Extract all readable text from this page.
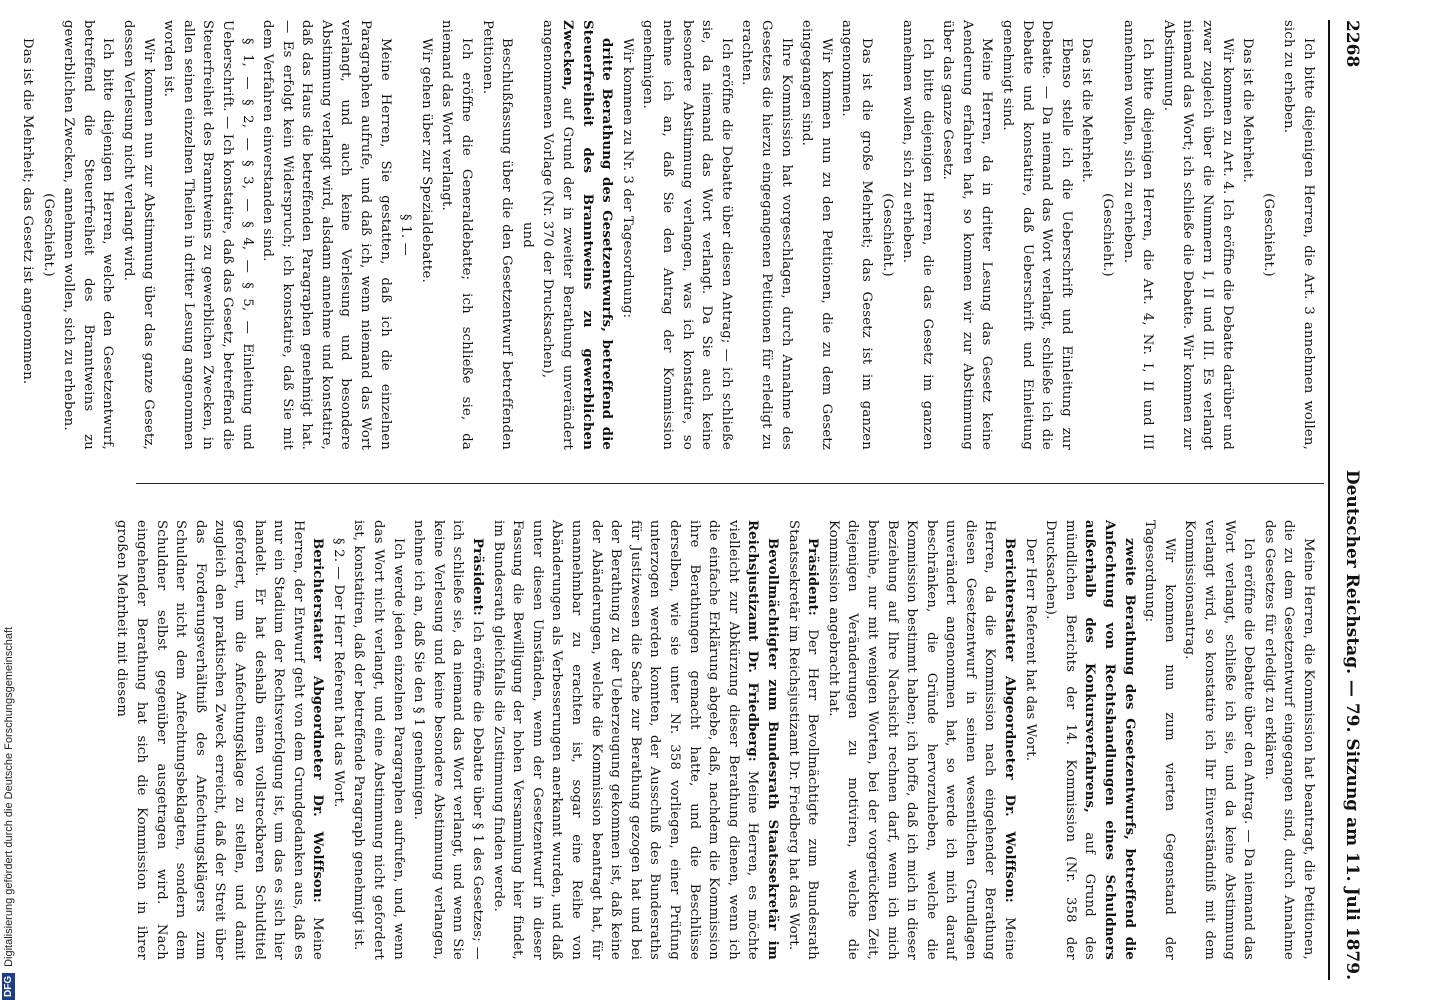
DFG
Digitalisierung gefördert durch die Deutsche Forschungsgemeinschaft
2268
Deutscher Reichstag. — 79. Sitzung am 11. Juli 1879.

Ich bitte diejenigen Herren, die Art. 3 annehmen wollen, sich zu erheben.

(Geschieht.)

Das ist die Mehrheit.

Wir kommen zu Art. 4. Ich eröffne die Debatte darüber und zwar zugleich über die Nummern I, II und III. Es verlangt niemand das Wort; ich schließe die Debatte. Wir kommen zur Abstimmung.

Ich bitte diejenigen Herren, die Art. 4, Nr. I, II und III annehmen wollen, sich zu erheben.

(Geschieht.)

Das ist die Mehrheit.

Ebenso stelle ich die Ueberschrift und Einleitung zur Debatte. — Da niemand das Wort verlangt, schließe ich die Debatte und konstatire, daß Ueberschrift und Einleitung genehmigt sind.

Meine Herren, da in dritter Lesung das Gesetz keine Aenderung erfahren hat, so kommen wir zur Abstimmung über das ganze Gesetz.

Ich bitte diejenigen Herren, die das Gesetz im ganzen annehmen wollen, sich zu erheben.

(Geschieht.)

Das ist die große Mehrheit; das Gesetz ist im ganzen angenommen.

Wir kommen nun zu den Petitionen, die zu dem Gesetz eingegangen sind.

Ihre Kommission hat vorgeschlagen, durch Annahme des Gesetzes die hierzu eingegangenen Petitionen für erledigt zu erachten.

Ich eröffne die Debatte über diesen Antrag; — ich schließe sie, da niemand das Wort verlangt. Da Sie auch keine besondere Abstimmung verlangen, was ich konstatire, so nehme ich an, daß Sie den Antrag der Kommission genehmigen.

Wir kommen zu Nr. 3 der Tagesordnung:

dritte Berathung des Gesetzentwurfs, betreffend die Steuerfreiheit des Branntweins zu gewerblichen Zwecken, auf Grund der in zweiter Berathung unverändert angenommenen Vorlage (Nr. 370 der Drucksachen),

und

Beschlußfassung über die den Gesetzentwurf betreffenden Petitionen.

Ich eröffne die Generaldebatte; ich schließe sie, da niemand das Wort verlangt.

Wir gehen über zur Spezialdebatte.

§ 1. —

Meine Herren, Sie gestatten, daß ich die einzelnen Paragraphen aufrufe, und daß ich, wenn niemand das Wort verlangt, und auch keine Verlesung und besondere Abstimmung verlangt wird, alsdann annehme und konstatire, daß das Haus die betreffenden Paragraphen genehmigt hat. — Es erfolgt kein Widerspruch; ich konstatire, daß Sie mit dem Verfahren einverstanden sind.

§ 1, — § 2, — § 3, — § 4, — § 5, — Einleitung und Ueberschrift. — Ich konstatire, daß das Gesetz, betreffend die Steuerfreiheit des Branntweins zu gewerblichen Zwecken, in allen seinen einzelnen Theilen in dritter Lesung angenommen worden ist.

Wir kommen nun zur Abstimmung über das ganze Gesetz, dessen Verlesung nicht verlangt wird.

Ich bitte diejenigen Herren, welche den Gesetzentwurf, betreffend die Steuerfreiheit des Branntweins zu gewerblichen Zwecken, annehmen wollen, sich zu erheben.

(Geschieht.)

Das ist die Mehrheit; das Gesetz ist angenommen.

Meine Herren, die Kommission hat beantragt, die Petitionen, die zu dem Gesetzentwurf eingegangen sind, durch Annahme des Gesetzes für erledigt zu erklären.

Ich eröffne die Debatte über den Antrag. — Da niemand das Wort verlangt, schließe ich sie, und da keine Abstimmung verlangt wird, so konstatire ich Ihr Einverständniß mit dem Kommissionsantrag.

Wir kommen nun zum vierten Gegenstand der Tagesordnung:

zweite Berathung des Gesetzentwurfs, betreffend die Anfechtung von Rechtshandlungen eines Schuldners außerhalb des Konkursverfahrens, auf Grund des mündlichen Berichts der 14. Kommission (Nr. 358 der Drucksachen).

Der Herr Referent hat das Wort.

Berichterstatter Abgeordneter Dr. Wolffson: Meine Herren, da die Kommission nach eingehender Berathung diesen Gesetzentwurf in seinen wesentlichen Grundlagen unverändert angenommen hat, so werde ich mich darauf beschränken, die Gründe hervorzuheben, welche die Kommission bestimmt haben; ich hoffe, daß ich mich in dieser Beziehung auf Ihre Nachsicht rechnen darf, wenn ich mich bemühe, nur mit wenigen Worten, bei der vorgerückten Zeit, diejenigen Veränderungen zu motiviren, welche die Kommission angebracht hat.

Präsident: Der Herr Bevollmächtigte zum Bundesrath Staatssekretär im Reichsjustizamt Dr. Friedberg hat das Wort.

Bevollmächtigter zum Bundesrath Staatssekretär im Reichsjustizamt Dr. Friedberg: Meine Herren, es möchte vielleicht zur Abkürzung dieser Berathung dienen, wenn ich die einfache Erklärung abgebe, daß, nachdem die Kommission ihre Berathungen gemacht hatte, und die Beschlüsse derselben, wie sie unter Nr. 358 vorliegen, einer Prüfung unterzogen werden konnten, der Ausschuß des Bundesraths für Justizwesen die Sache zur Berathung gezogen hat und bei der Berathung zu der Ueberzeugung gekommen ist, daß keine der Abänderungen, welche die Kommission beantragt hat, für unannehmbar zu erachten ist, sogar eine Reihe von Abänderungen als Verbesserungen anerkannt wurden, und daß unter diesen Umständen, wenn der Gesetzentwurf in dieser Fassung die Bewilligung der hohen Versammlung hier findet, im Bundesrath gleichfalls die Zustimmung finden werde.

Präsident: Ich eröffne die Debatte über § 1 des Gesetzes; — ich schließe sie, da niemand das Wort verlangt, und wenn Sie keine Verlesung und keine besondere Abstimmung verlangen, nehme ich an, daß Sie den § 1 genehmigen.

Ich werde jeden einzelnen Paragraphen aufrufen, und, wenn das Wort nicht verlangt, und eine Abstimmung nicht gefordert ist, konstatiren, daß der betreffende Paragraph genehmigt ist.

§ 2. — Der Herr Referent hat das Wort.

Berichterstatter Abgeordneter Dr. Wolffson: Meine Herren, der Entwurf geht von dem Grundgedanken aus, daß es nur ein Stadium der Rechtsverfolgung ist, um das es sich hier handelt. Er hat deshalb einen vollstreckbaren Schuldtitel gefordert, um die Anfechtungsklage zu stellen, und damit zugleich den praktischen Zweck erreicht, daß der Streit über das Forderungsverhältniß des Anfechtungsklägers zum Schuldner nicht dem Anfechtungsbeklagten, sondern dem Schuldner selbst gegenüber ausgetragen wird. Nach eingehender Berathung hat sich die Kommission in ihrer großen Mehrheit mit diesem
